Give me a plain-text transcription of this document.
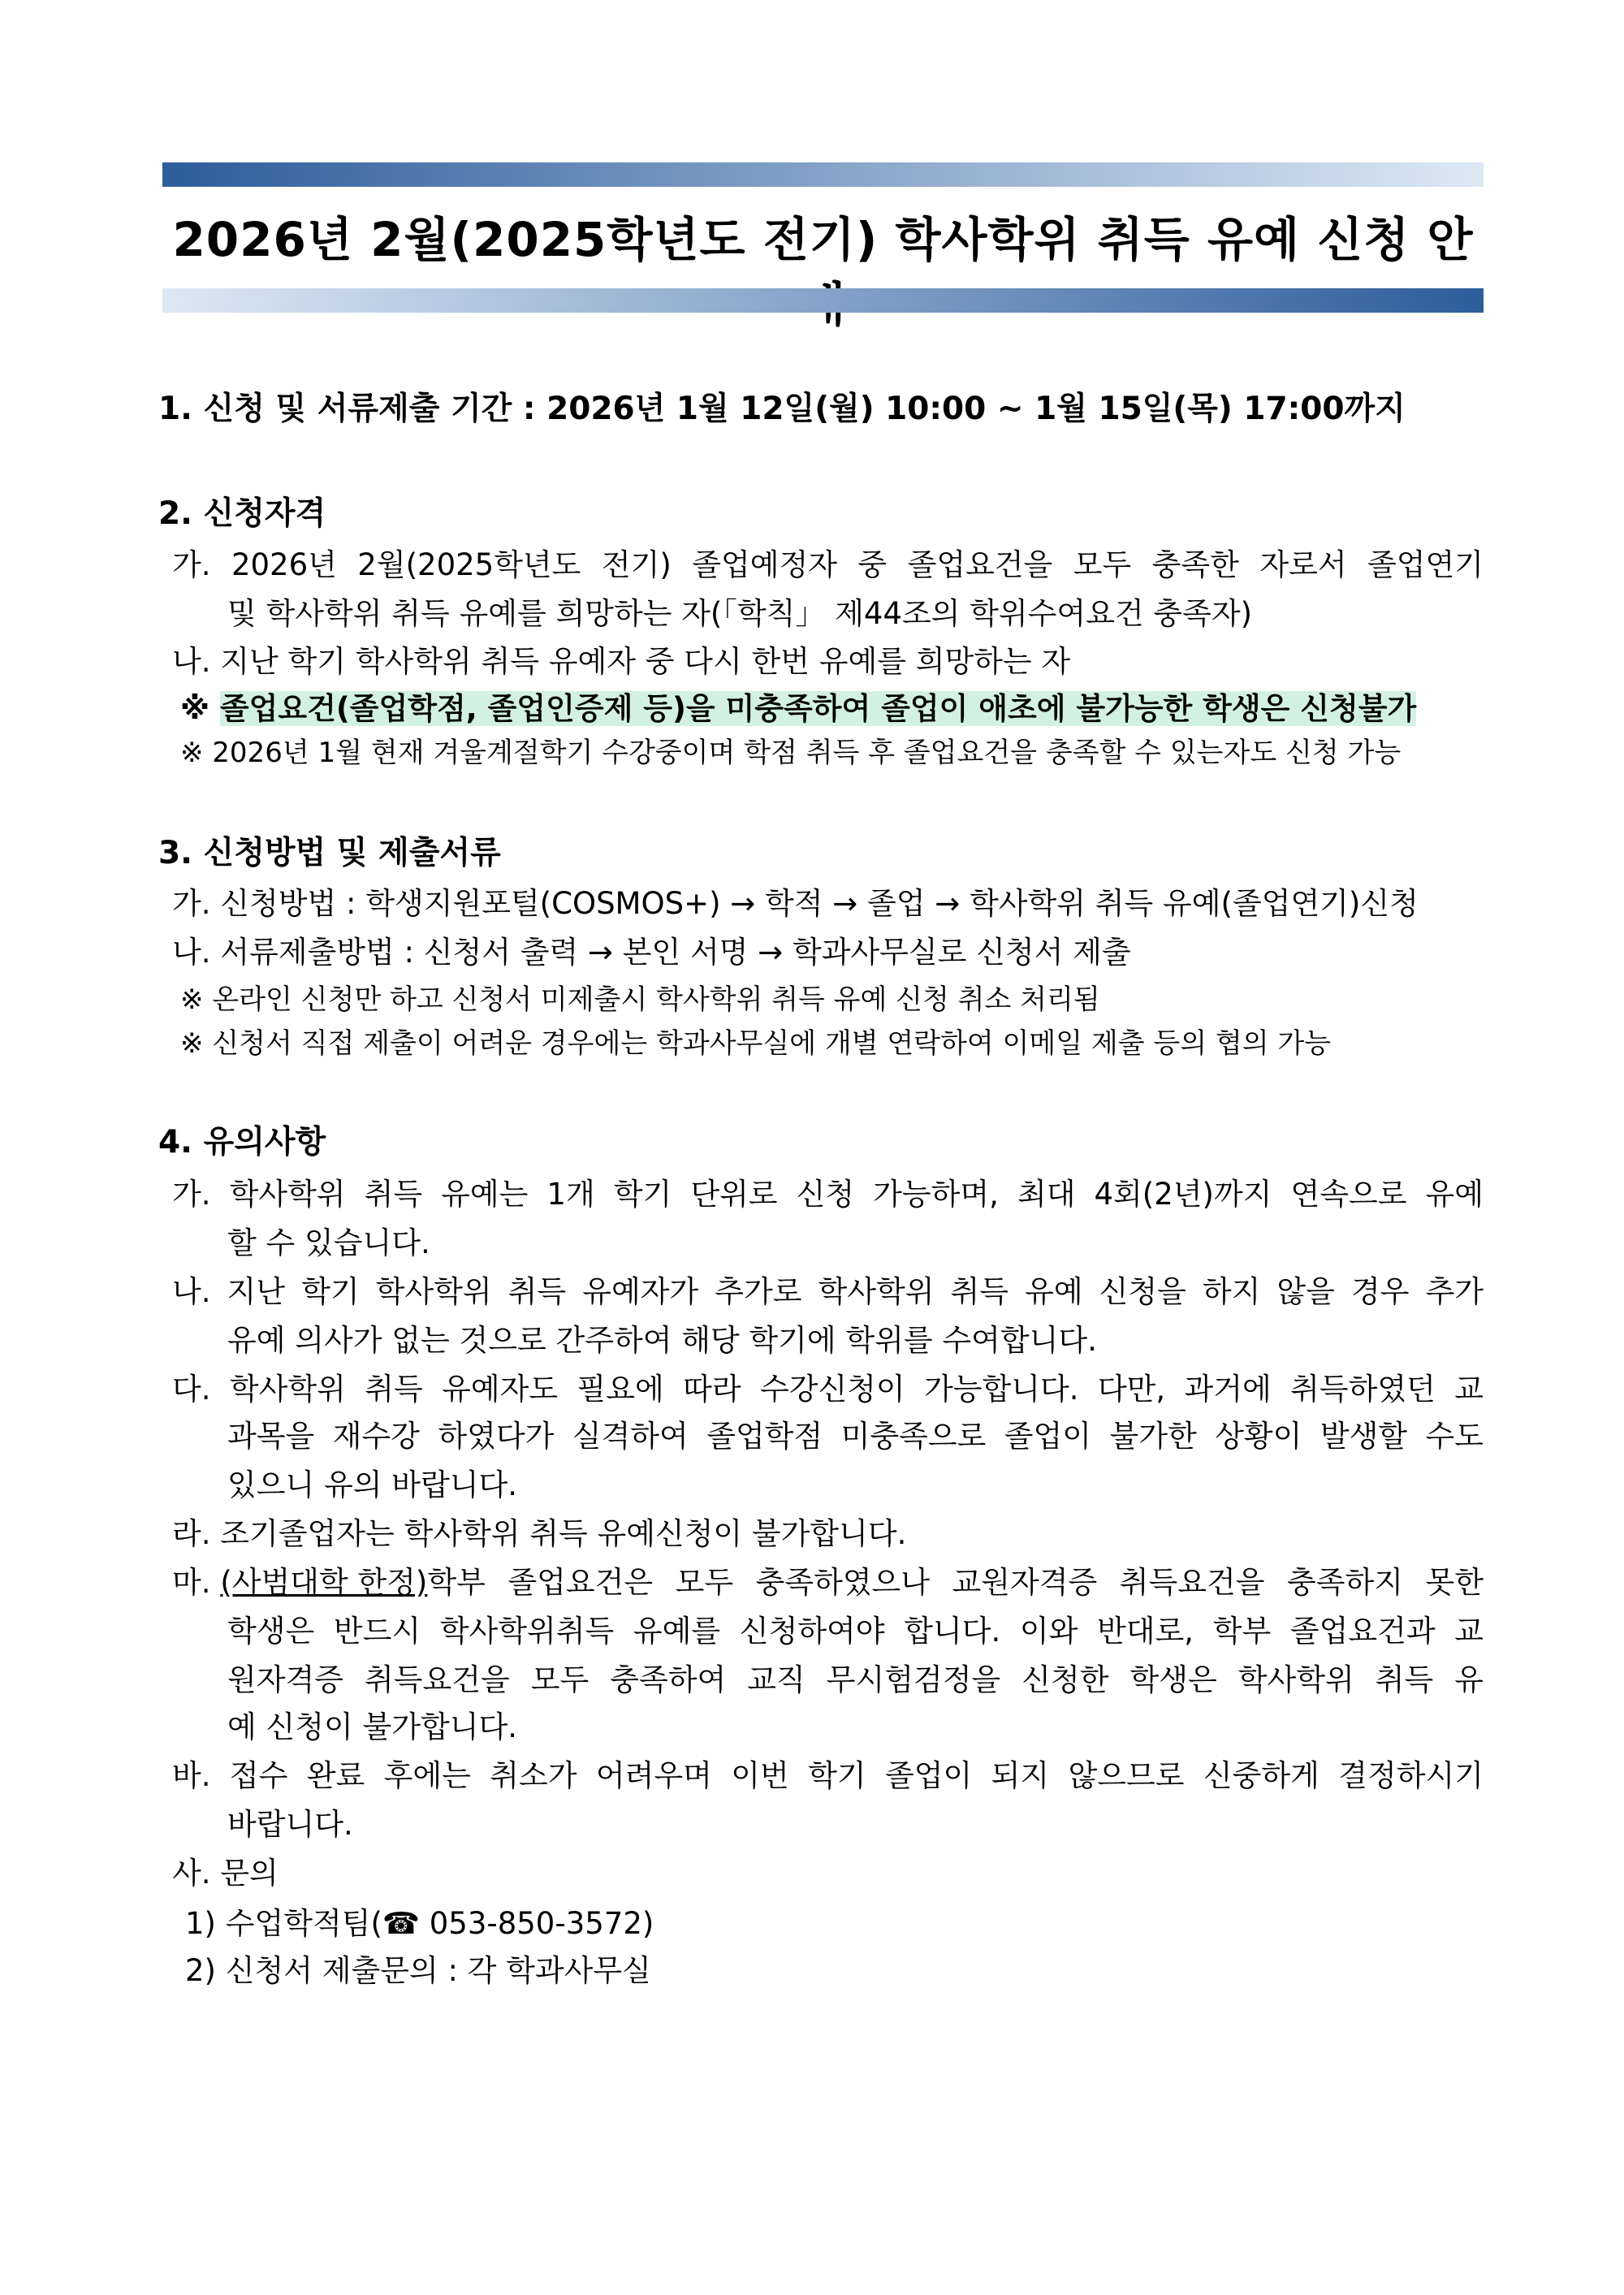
2026년 2월(2025학년도 전기) 학사학위 취득 유예 신청 안
1. 신청 및 서류제출 기간 : 2026년 1월 12일(월) 10:00 ~ 1월 15일(목) 17:00까지
2. 신청자격
가. 2026년 2월(2025학년도 전기) 졸업예정자 중 졸업요건을 모두 충족한 자로서 졸업연기
및 학사학위 취득 유예를 희망하는 자(「학칙」 제44조의 학위수여요건 충족자)
나. 지난 학기 학사학위 취득 유예자 중 다시 한번 유예를 희망하는 자
※ 졸업요건(졸업학점, 졸업인증제 등)을 미충족하여 졸업이 애초에 불가능한 학생은 신청불가
※ 2026년 1월 현재 겨울계절학기 수강중이며 학점 취득 후 졸업요건을 충족할 수 있는자도 신청 가능
3. 신청방법 및 제출서류
가. 신청방법 : 학생지원포털(COSMOS+) → 학적 → 졸업 → 학사학위 취득 유예(졸업연기)신청
나. 서류제출방법 : 신청서 출력 → 본인 서명 → 학과사무실로 신청서 제출
※ 온라인 신청만 하고 신청서 미제출시 학사학위 취득 유예 신청 취소 처리됨
※ 신청서 직접 제출이 어려운 경우에는 학과사무실에 개별 연락하여 이메일 제출 등의 협의 가능
4. 유의사항
가. 학사학위 취득 유예는 1개 학기 단위로 신청 가능하며, 최대 4회(2년)까지 연속으로 유예
할 수 있습니다.
나. 지난 학기 학사학위 취득 유예자가 추가로 학사학위 취득 유예 신청을 하지 않을 경우 추가
유예 의사가 없는 것으로 간주하여 해당 학기에 학위를 수여합니다.
다. 학사학위 취득 유예자도 필요에 따라 수강신청이 가능합니다. 다만, 과거에 취득하였던 교
과목을 재수강 하였다가 실격하여 졸업학점 미충족으로 졸업이 불가한 상황이 발생할 수도
있으니 유의 바랍니다.
라. 조기졸업자는 학사학위 취득 유예신청이 불가합니다.
마. (사범대학 한정) 학부 졸업요건은 모두 충족하였으나 교원자격증 취득요건을 충족하지 못한
학생은 반드시 학사학위취득 유예를 신청하여야 합니다. 이와 반대로, 학부 졸업요건과 교
원자격증 취득요건을 모두 충족하여 교직 무시험검정을 신청한 학생은 학사학위 취득 유
예 신청이 불가합니다.
바. 접수 완료 후에는 취소가 어려우며 이번 학기 졸업이 되지 않으므로 신중하게 결정하시기
바랍니다.
사. 문의
1) 수업학적팀(☎ 053-850-3572)
2) 신청서 제출문의 : 각 학과사무실
